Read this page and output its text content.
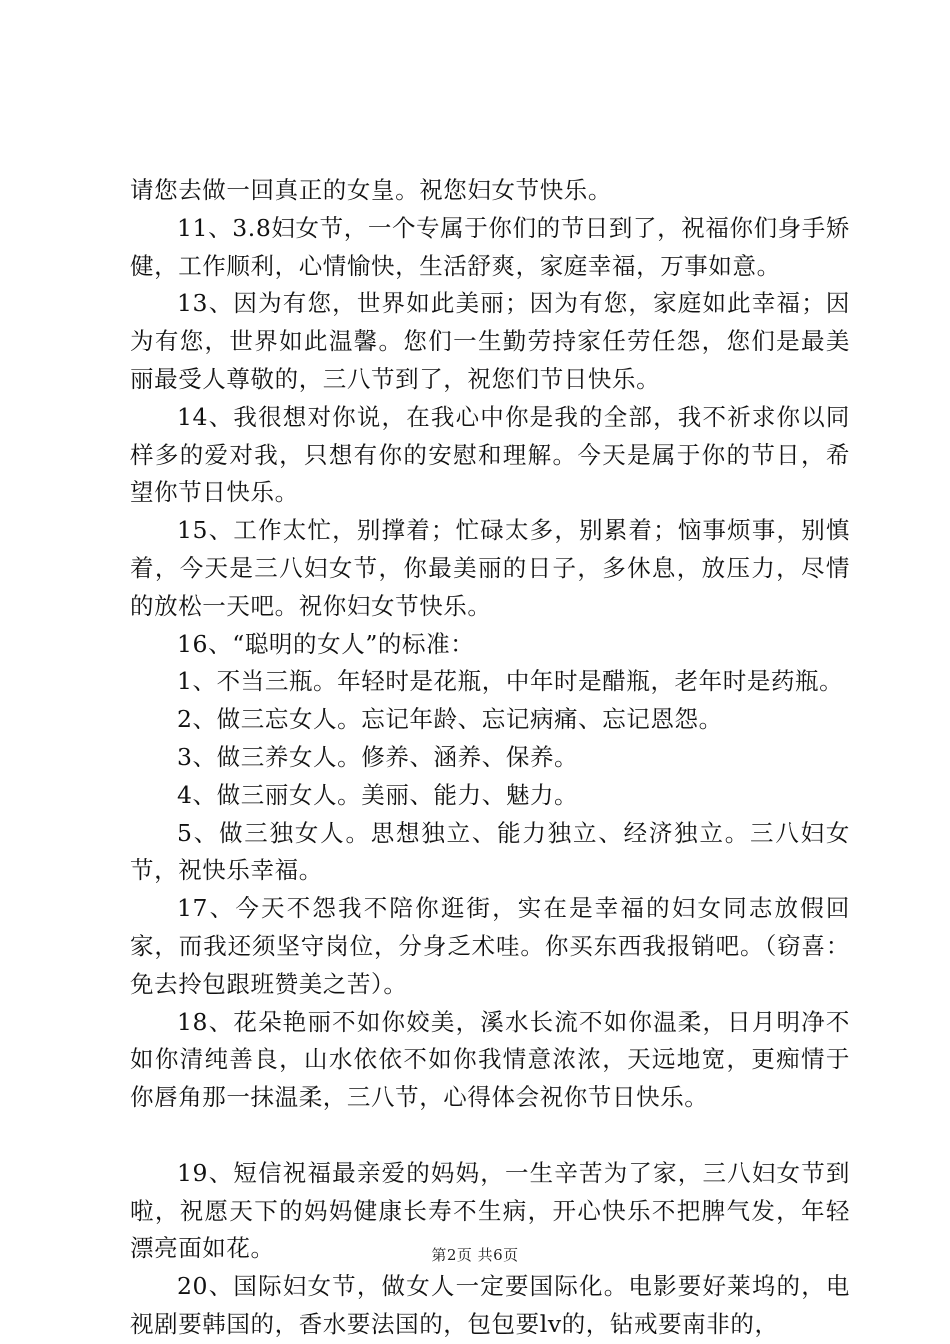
请您去做一回真正的女皇。祝您妇女节快乐。

11、3.8妇女节，一个专属于你们的节日到了，祝福你们身手矫健，工作顺利，心情愉快，生活舒爽，家庭幸福，万事如意。

13、因为有您，世界如此美丽；因为有您，家庭如此幸福；因为有您，世界如此温馨。您们一生勤劳持家任劳任怨，您们是最美丽最受人尊敬的，三八节到了，祝您们节日快乐。

14、我很想对你说，在我心中你是我的全部，我不祈求你以同样多的爱对我，只想有你的安慰和理解。今天是属于你的节日，希望你节日快乐。

15、工作太忙，别撑着；忙碌太多，别累着；恼事烦事，别慎着，今天是三八妇女节，你最美丽的日子，多休息，放压力，尽情的放松一天吧。祝你妇女节快乐。

16、“聪明的女人”的标准：

1、不当三瓶。年轻时是花瓶，中年时是醋瓶，老年时是药瓶。

2、做三忘女人。忘记年龄、忘记病痛、忘记恩怨。

3、做三养女人。修养、涵养、保养。

4、做三丽女人。美丽、能力、魅力。

5、做三独女人。思想独立、能力独立、经济独立。三八妇女节，祝快乐幸福。

17、今天不怨我不陪你逛街，实在是幸福的妇女同志放假回家，而我还须坚守岗位，分身乏术哇。你买东西我报销吧。（窃喜：免去拎包跟班赞美之苦）。

18、花朵艳丽不如你姣美，溪水长流不如你温柔，日月明净不如你清纯善良，山水依依不如你我情意浓浓，天远地宽，更痴情于你唇角那一抹温柔，三八节，心得体会祝你节日快乐。

19、短信祝福最亲爱的妈妈，一生辛苦为了家，三八妇女节到啦，祝愿天下的妈妈健康长寿不生病，开心快乐不把脾气发，年轻漂亮面如花。

20、国际妇女节，做女人一定要国际化。电影要好莱坞的，电视剧要韩国的，香水要法国的，包包要lv的，钻戒要南非的，

第2页 共6页
